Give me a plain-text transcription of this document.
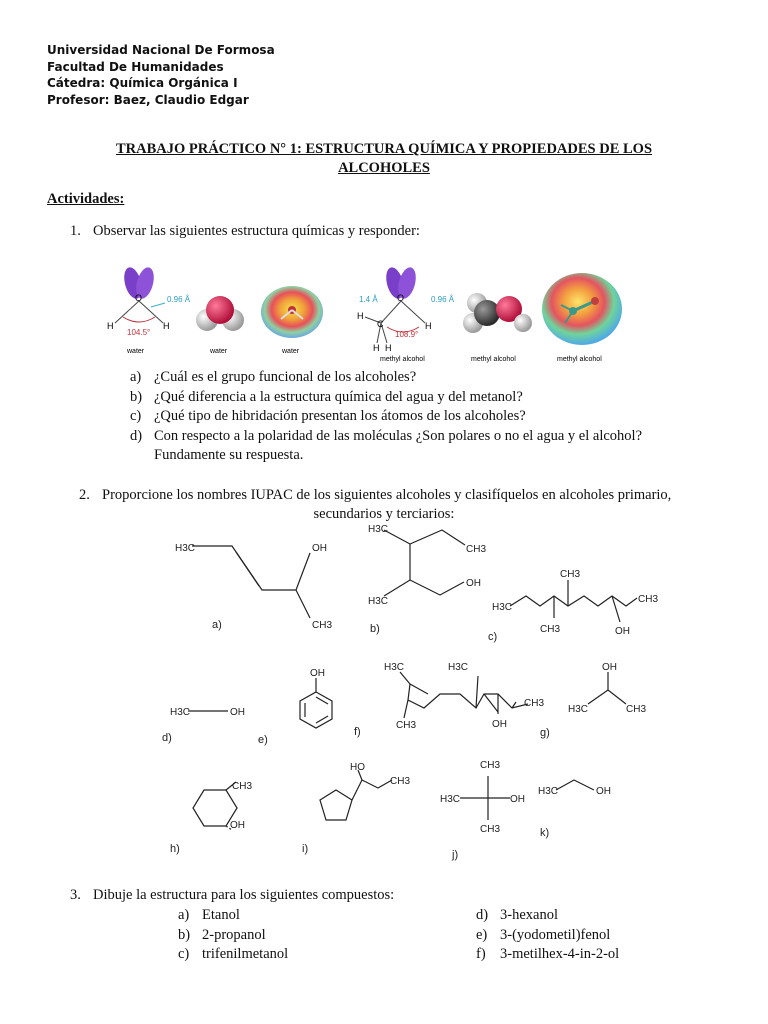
Universidad Nacional De Formosa
Facultad De Humanidades
Cátedra: Química Orgánica I
Profesor: Baez, Claudio Edgar
TRABAJO PRÁCTICO N° 1: ESTRUCTURA QUÍMICA Y PROPIEDADES DE LOS
ALCOHOLES
Actividades:
1. Observar las siguientes estructura químicas y responder:
O
H	H
0.96 Å
104.5°
water	water	water
O
C
H
H
H H
1.4 Å	0.96 Å
108.9°
methyl alcohol	methyl alcohol	methyl alcohol
a) ¿Cuál es el grupo funcional de los alcoholes?
b) ¿Qué diferencia a la estructura química del agua y del metanol?
c) ¿Qué tipo de hibridación presentan los átomos de los alcoholes?
d) Con respecto a la polaridad de las moléculas ¿Son polares o no el agua y el alcohol?
Fundamente su respuesta.
2. Proporcione los nombres IUPAC de los siguientes alcoholes y clasifíquelos en alcoholes primario,
secundarios y terciarios:
H3C	OH
CH3
a)
H3C
CH3
OH
H3C
b)
H3C
CH3
CH3
CH3
OH
c)
H3C	OH
d)
OH
e)
H3C	H3C
CH3	OH
CH3
f)
OH
H3C	CH3
g)
CH3
OH
h)
HO
CH3
i)
CH3
H3C	OH
CH3
j)
H3C	OH
k)
3. Dibuje la estructura para los siguientes compuestos:
a) Etanol
b) 2-propanol
c) trifenilmetanol
d) 3-hexanol
e) 3-(yodometil)fenol
f) 3-metilhex-4-in-2-ol
